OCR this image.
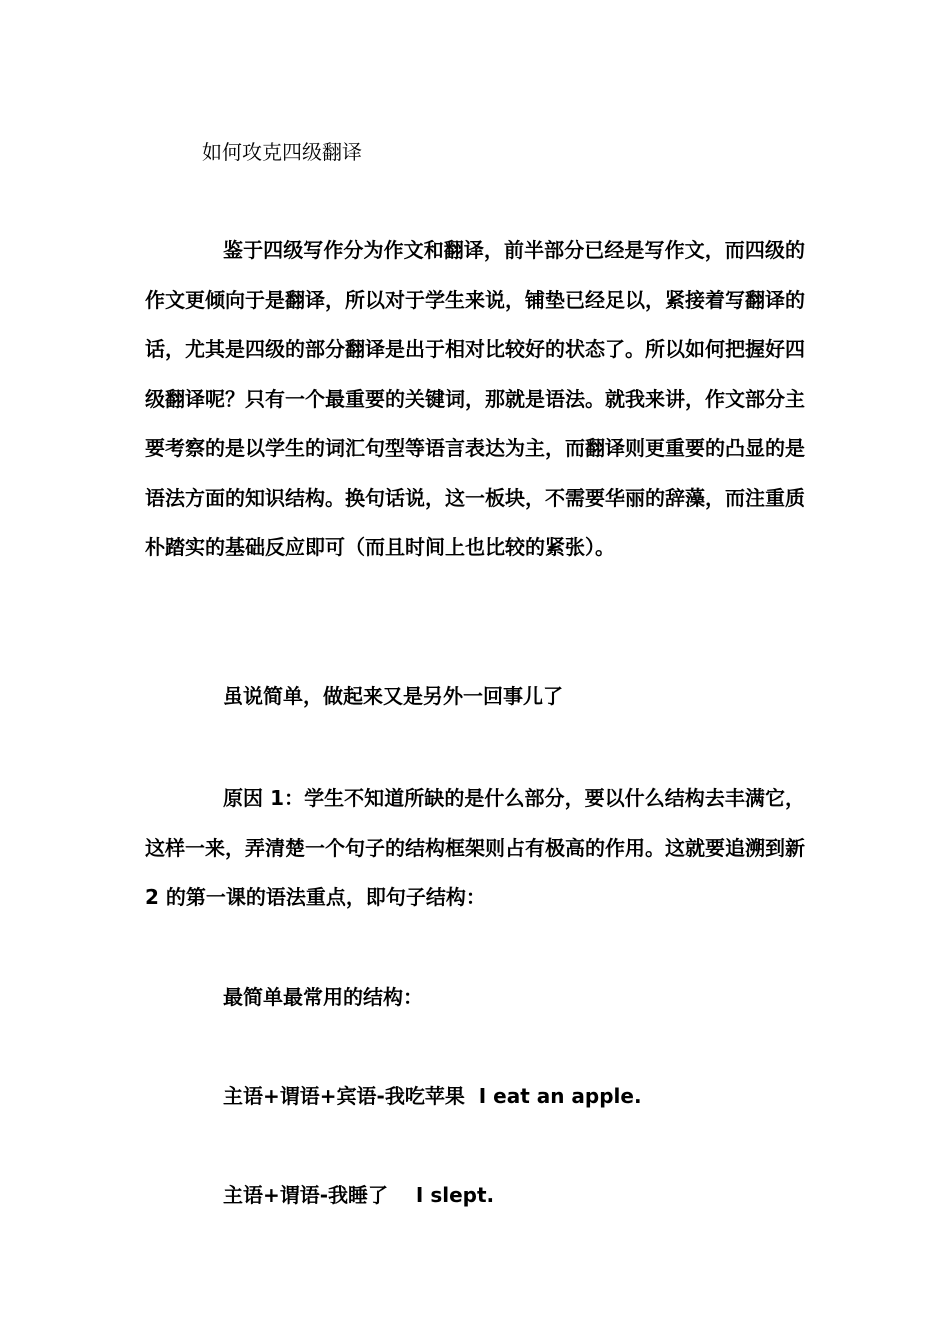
如何攻克四级翻译

鉴于四级写作分为作文和翻译，前半部分已经是写作文，而四级的作文更倾向于是翻译，所以对于学生来说，铺垫已经足以，紧接着写翻译的话，尤其是四级的部分翻译是出于相对比较好的状态了。所以如何把握好四级翻译呢？只有一个最重要的关键词，那就是语法。就我来讲，作文部分主要考察的是以学生的词汇句型等语言表达为主，而翻译则更重要的凸显的是语法方面的知识结构。换句话说，这一板块，不需要华丽的辞藻，而注重质朴踏实的基础反应即可（而且时间上也比较的紧张）。

虽说简单，做起来又是另外一回事儿了

原因 1：学生不知道所缺的是什么部分，要以什么结构去丰满它，这样一来，弄清楚一个句子的结构框架则占有极高的作用。这就要追溯到新 2 的第一课的语法重点，即句子结构：

最简单最常用的结构：

主语+谓语+宾语-我吃苹果  I eat an apple.

主语+谓语-我睡了    I slept.
